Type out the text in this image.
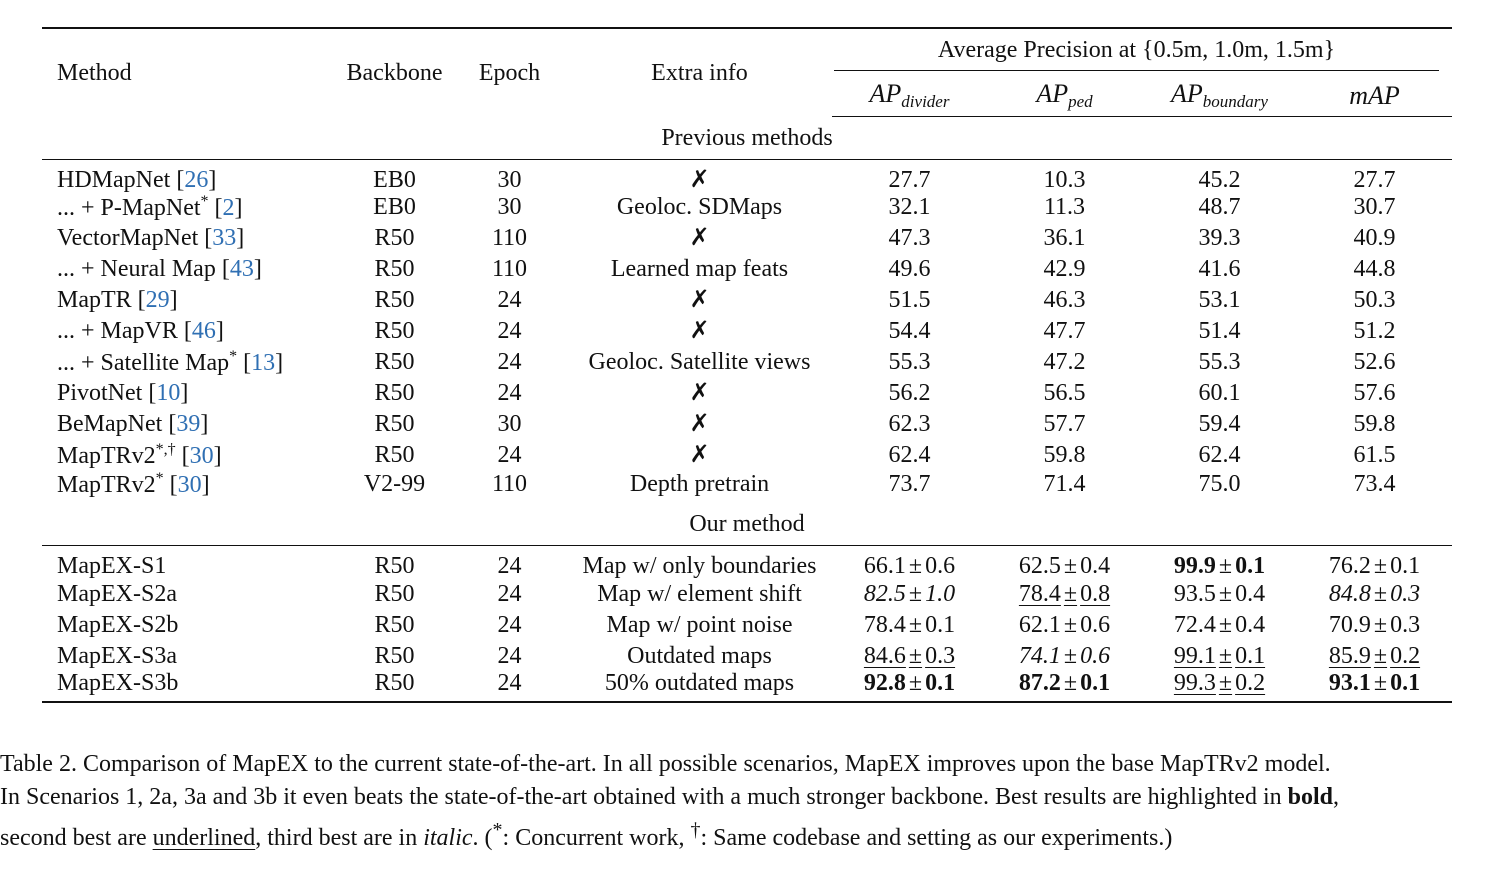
Method	Backbone	Epoch	Extra info	Average Precision at {0.5m, 1.0m, 1.5m}			

				$AP_{divider}$	$AP_{ped}$	$AP_{boundary}$	mAP
Previous methods							
HDMapNet [26]	EB0	30	✗	27.7	10.3	45.2	27.7
... + P-MapNet* [2]	EB0	30	Geoloc. SDMaps	32.1	11.3	48.7	30.7
VectorMapNet [33]	R50	110	✗	47.3	36.1	39.3	40.9
... + Neural Map [43]	R50	110	Learned map feats	49.6	42.9	41.6	44.8
MapTR [29]	R50	24	✗	51.5	46.3	53.1	50.3
... + MapVR [46]	R50	24	✗	54.4	47.7	51.4	51.2
... + Satellite Map* [13]	R50	24	Geoloc. Satellite views	55.3	47.2	55.3	52.6
PivotNet [10]	R50	24	✗	56.2	56.5	60.1	57.6
BeMapNet [39]	R50	30	✗	62.3	57.7	59.4	59.8
MapTRv2*,† [30]	R50	24	✗	62.4	59.8	62.4	61.5
MapTRv2* [30]	V2-99	110	Depth pretrain	73.7	71.4	75.0	73.4
Our method							
MapEX-S1	R50	24	Map w/ only boundaries	66.1 ± 0.6	62.5 ± 0.4	99.9 ± 0.1	76.2 ± 0.1
MapEX-S2a	R50	24	Map w/ element shift	82.5 ± 1.0	78.4 ± 0.8	93.5 ± 0.4	84.8 ± 0.3
MapEX-S2b	R50	24	Map w/ point noise	78.4 ± 0.1	62.1 ± 0.6	72.4 ± 0.4	70.9 ± 0.3
MapEX-S3a	R50	24	Outdated maps	84.6 ± 0.3	74.1 ± 0.6	99.1 ± 0.1	85.9 ± 0.2
MapEX-S3b	R50	24	50% outdated maps	92.8 ± 0.1	87.2 ± 0.1	99.3 ± 0.2	93.1 ± 0.1
Table 2. Comparison of MapEX to the current state-of-the-art. In all possible scenarios, MapEX improves upon the base MapTRv2 model.
In Scenarios 1, 2a, 3a and 3b it even beats the state-of-the-art obtained with a much stronger backbone. Best results are highlighted in bold,
second best are underlined, third best are in italic. (*: Concurrent work, †: Same codebase and setting as our experiments.)
